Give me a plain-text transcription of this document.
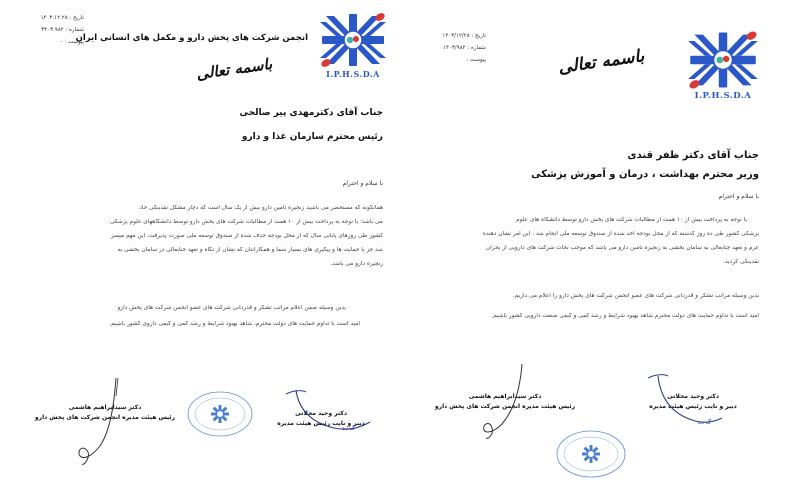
تاریخ : ۱۴۰۳.۱۲.۲۸
شماره : ۳۴۰۳.۹۸۲
پیوست : -	انجمن شرکت های پخش دارو و مکمل های انسانی ایران
باسمه تعالی	I.P.H.S.D.A
جناب آقای دکترمهدی پیر صالحی
رئیس محترم سازمان غذا و دارو
با سلام و احترام
همانگونه که مستحضر می باشید زنجیره تامین دارو بیش از یک سال است که دچار مشکل نقدینگی حاد
می باشد؛ با توجه به پرداخت بیش از ۱۰ همت از مطالبات شرکت های پخش دارو توسط دانشگاههای علوم پزشکی
کشور طی روزهای پایانی سال که از محل بودجه حذف شده از صندوق توسعه ملی صورت پذیرفت، این مهم میسر
شد جز با حمایت ها و پیگیری های بسیار شما و همکارانتان که نشان از نگاه و تعهد جنابعالی در سامان بخشی به
زنجیره دارو می باشد.
بدین وسیله ضمن اعلام مراتب تشکر و قدردانی شرکت های عضو انجمن شرکت های پخش دارو
امید است با تداوم حمایت های دولت محترم، شاهد بهبود شرایط و رشد کمی و کیفی داروی کشور باشیم.
دکتر سیدابراهیم هاشمی
رئیس هیئت مدیره انجمن شرکت های پخش دارو
دکتر وحید محلاتی
دبیر و نایب رئیس هیئت مدیره
گ ده
تاریخ : ۱۴۰۳/۱۲/۲۸
شماره : ۱۴۰۳/۹۸۲
پیوست :	باسمه تعالی
I.P.H.S.D.A
جناب آقای دکتر ظفر قندی
وزیر محترم بهداشت ، درمان و آموزش پزشکی
با سلام و احترام
با توجه به پرداخت بیش از ۱۰ همت از مطالبات شرکت های پخش دارو توسط دانشگاه های علوم
پزشکی کشور طی ده روز گذشته که از محل بودجه اخذ شده از صندوق توسعه ملی انجام شد ، این امر نشان دهنده
عزم و تعهد جنابعالی به سامان بخشی به زنجیره تامین دارو می باشد که موجب نجات شرکت های دارویی از بحران
نقدینگی گردید.
بدین وسیله مراتب تشکر و قدردانی شرکت های عضو انجمن شرکت های پخش دارو را اعلام می داریم.
امید است با تداوم حمایت های دولت محترم شاهد بهبود شرایط و رشد کمی و کیفی صنعت دارویی کشور باشیم.
دکتر سیدابراهیم هاشمی
رئیس هیئت مدیره انجمن شرکت های پخش دارو
دکتر وحید محلاتی
دبیر و نایب رئیس هیئت مدیره
گ ده
